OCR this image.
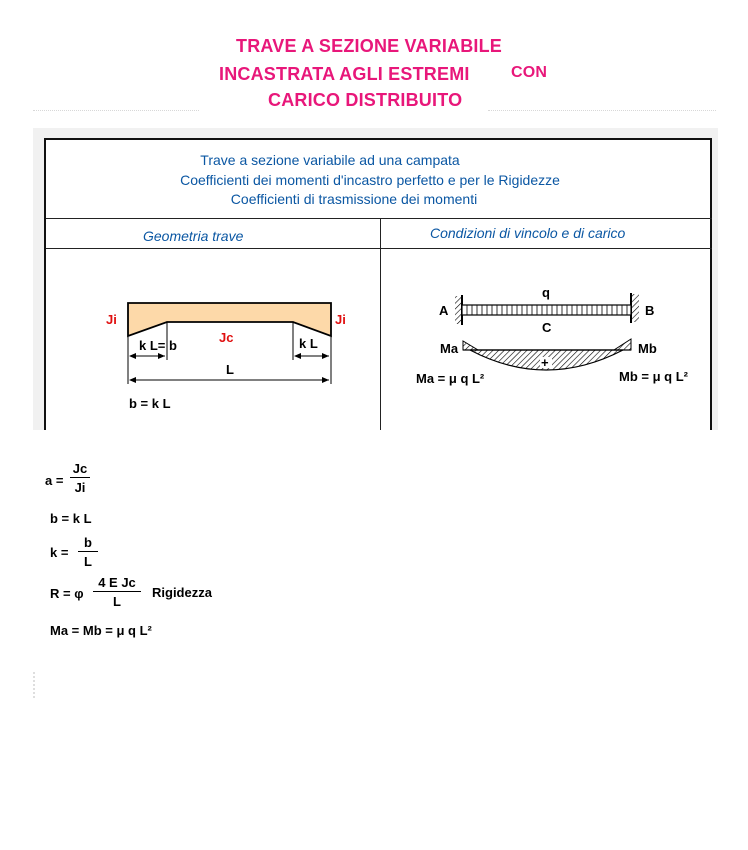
TRAVE A SEZIONE VARIABILE
INCASTRATA AGLI ESTREMI	CON
CARICO DISTRIBUITO
Trave a sezione variabile ad una campata
Coefficienti dei momenti d'incastro perfetto e per le Rigidezze
Coefficienti di trasmissione dei momenti
Geometria trave	Condizioni di vincolo e di carico
Ji	Ji
Jc
k L= b	k L
L
b = k L
q
A	B
C
Ma	Mb
+
Ma = μ q L²	Mb = μ q L²
$a = \frac{Jc}{Ji}$
b = k L
$k = \frac{b}{L}$
R = φ $\frac{\text{4 E Jc}}{L}$ Rigidezza
Ma = Mb = μ q L²
